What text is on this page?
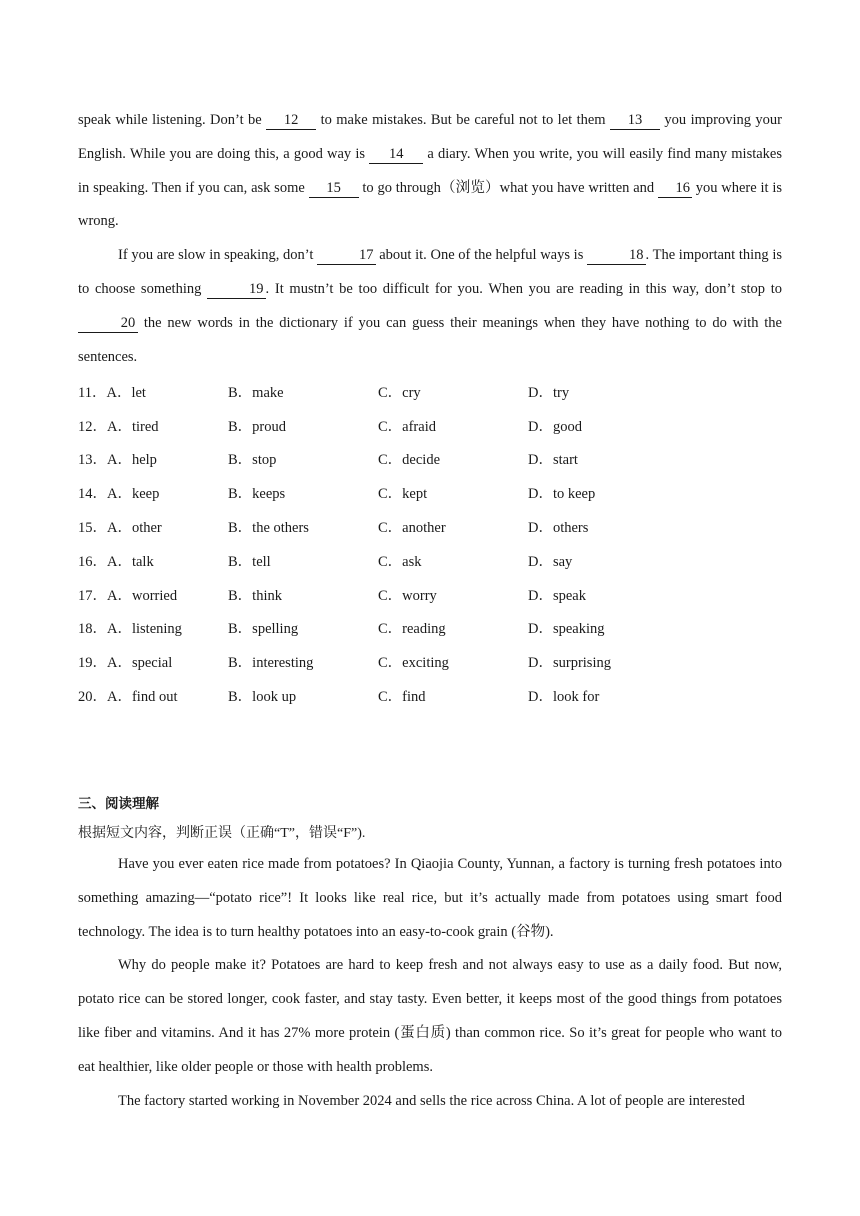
speak while listening. Don’t be 12 to make mistakes. But be careful not to let them 13 you improving your English. While you are doing this, a good way is 14 a diary. When you write, you will easily find many mistakes in speaking. Then if you can, ask some 15 to go through（浏览）what you have written and 16 you where it is wrong.

If you are slow in speaking, don’t	17 about it. One of the helpful ways is	18 . The important thing is to choose something	19 . It mustn’t be too difficult for you. When you are reading in this way, don’t stop to 20 the new words in the dictionary if you can guess their meanings when they have nothing to do with the sentences.

11．A．let	B．make	C．cry	D．try
12．A．tired	B．proud	C．afraid	D．good
13．A．help	B．stop	C．decide	D．start
14．A．keep	B．keeps	C．kept	D．to keep
15．A．other	B．the others	C．another	D．others
16．A．talk	B．tell	C．ask	D．say
17．A．worried	B．think	C．worry	D．speak
18．A．listening	B．spelling	C．reading	D．speaking
19．A．special	B．interesting	C．exciting	D．surprising
20．A．find out	B．look up	C．find	D．look for
三、阅读理解
根据短文内容，判断正误（正确“T”，错误“F”).

Have you ever eaten rice made from potatoes? In Qiaojia County, Yunnan, a factory is turning fresh potatoes into something amazing—“potato rice”! It looks like real rice, but it’s actually made from potatoes using smart food technology. The idea is to turn healthy potatoes into an easy-to-cook grain (谷物).

Why do people make it? Potatoes are hard to keep fresh and not always easy to use as a daily food. But now, potato rice can be stored longer, cook faster, and stay tasty. Even better, it keeps most of the good things from potatoes like fiber and vitamins. And it has 27% more protein (蛋白质) than common rice. So it’s great for people who want to eat healthier, like older people or those with health problems.

The factory started working in November 2024 and sells the rice across China. A lot of people are interested
